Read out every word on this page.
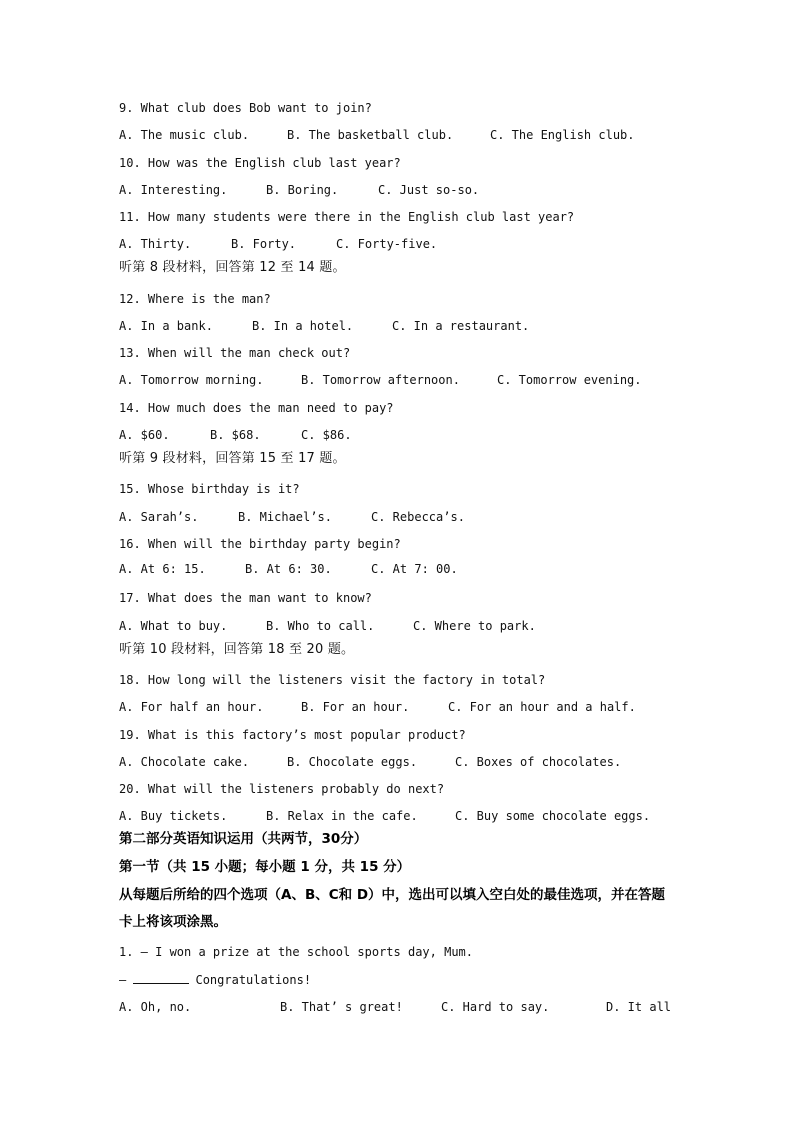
9. What club does Bob want to join?

A. The music club.

	B. The basketball club.

	C. The English club.

10. How was the English club last year?

A. Interesting.

	B. Boring.

	C. Just so-so.

11. How many students were there in the English club last year?

A. Thirty.

	B. Forty.

	C. Forty-five.

听第 8 段材料，回答第 12 至 14 题。
12. Where is the man?

A. In a bank.

	B. In a hotel.

	C. In a restaurant.

13. When will the man check out?

A. Tomorrow morning.

	B. Tomorrow afternoon.

	C. Tomorrow evening.

14. How much does the man need to pay?

A. $60.

	B. $68.

	C. $86.

听第 9 段材料，回答第 15 至 17 题。
15. Whose birthday is it?

A. Sarah’s.

	B. Michael’s.

	C. Rebecca’s.

16. When will the birthday party begin?

A. At 6: 15.

	B. At 6: 30.

	C. At 7: 00.

17. What does the man want to know?

A. What to buy.

	B. Who to call.

	C. Where to park.

听第 10 段材料，回答第 18 至 20 题。
18. How long will the listeners visit the factory in total?

A. For half an hour.

	B. For an hour.

	C. For an hour and a half.

19. What is this factory’s most popular product?

A. Chocolate cake.

	B. Chocolate eggs.

	C. Boxes of chocolates.

20. What will the listeners probably do next?

A. Buy tickets.

	B. Relax in the cafe.

	C. Buy some chocolate eggs.

第二部分英语知识运用（共两节，30分）
第一节（共 15 小题；每小题 1 分，共 15 分）
从每题后所给的四个选项（A、B、C和 D）中，选出可以填入空白处的最佳选项，并在答题
卡上将该项涂黑。
1. — I won a prize at the school sports day, Mum.
—	Congratulations!

A. Oh, no.

	B. That’ s great!

	C. Hard to say.

	D. It all
